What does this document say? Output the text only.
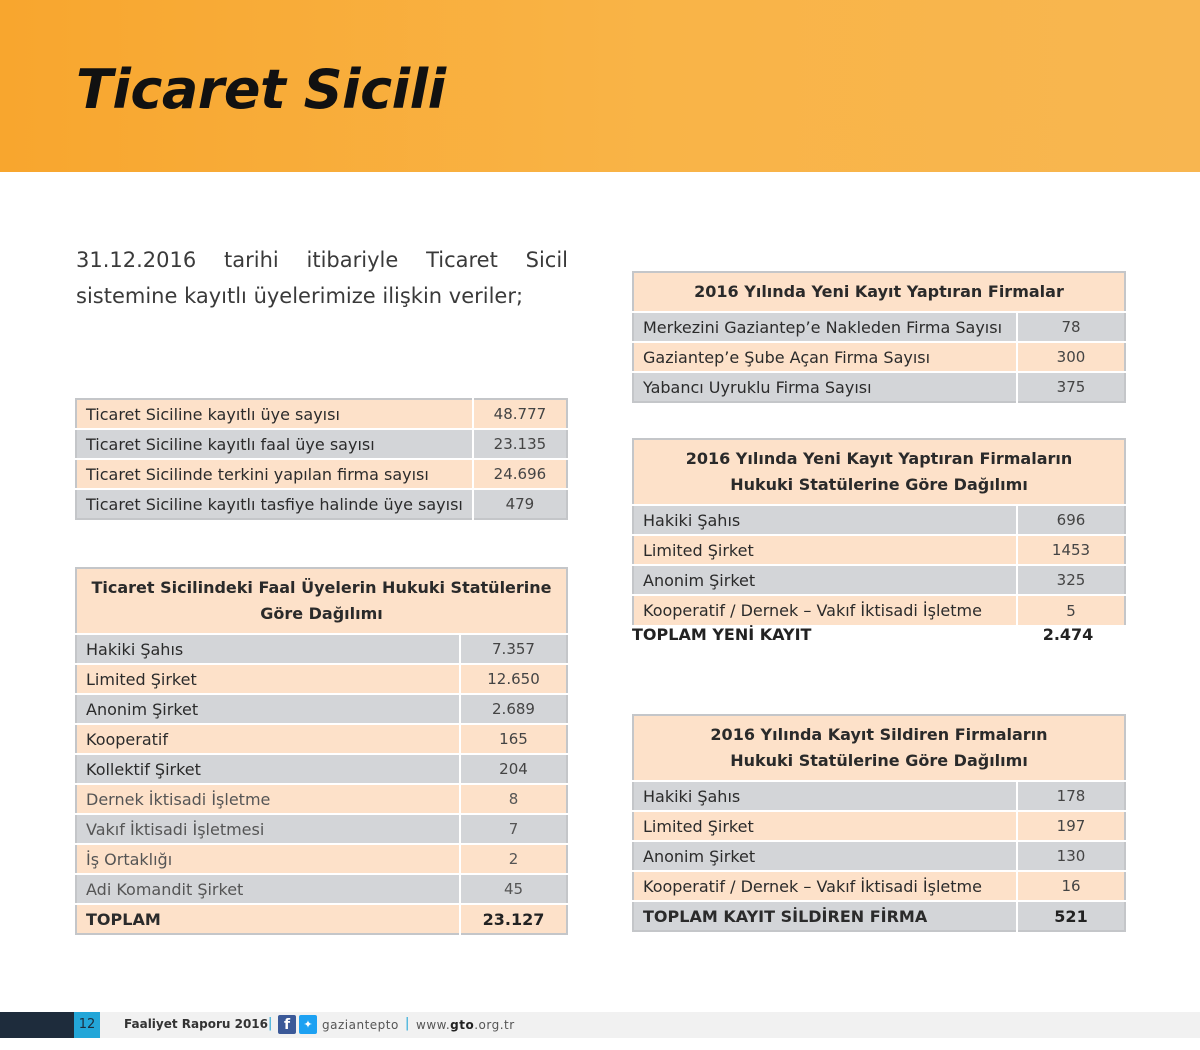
Ticaret Sicili

31.12.2016 tarihi itibariyle Ticaret Sicil sistemine kayıtlı üyelerimize ilişkin veriler;

Ticaret Siciline kayıtlı üye sayısı	48.777
Ticaret Siciline kayıtlı faal üye sayısı	23.135
Ticaret Sicilinde terkini yapılan firma sayısı	24.696
Ticaret Siciline kayıtlı tasfiye halinde üye sayısı	479
Ticaret Sicilindeki Faal Üyelerin Hukuki Statülerine
Göre Dağılımı	
Hakiki Şahıs	7.357
Limited Şirket	12.650
Anonim Şirket	2.689
Kooperatif	165
Kollektif Şirket	204
Dernek İktisadi İşletme	8
Vakıf İktisadi İşletmesi	7
İş Ortaklığı	2
Adi Komandit Şirket	45
TOPLAM	23.127
2016 Yılında Yeni Kayıt Yaptıran Firmalar	
Merkezini Gaziantep’e Nakleden Firma Sayısı	78
Gaziantep’e Şube Açan Firma Sayısı	300
Yabancı Uyruklu Firma Sayısı	375
2016 Yılında Yeni Kayıt Yaptıran Firmaların
Hukuki Statülerine Göre Dağılımı	
Hakiki Şahıs	696
Limited Şirket	1453
Anonim Şirket	325
Kooperatif / Dernek – Vakıf İktisadi İşletme	5
TOPLAM YENİ KAYIT	2.474
2016 Yılında Kayıt Sildiren Firmaların
Hukuki Statülerine Göre Dağılımı	
Hakiki Şahıs	178
Limited Şirket	197
Anonim Şirket	130
Kooperatif / Dernek – Vakıf İktisadi İşletme	16
TOPLAM KAYIT SİLDİREN FİRMA	521
12	Faaliyet Raporu 2016 | f	✦ gaziantepto | www.gto.org.tr
